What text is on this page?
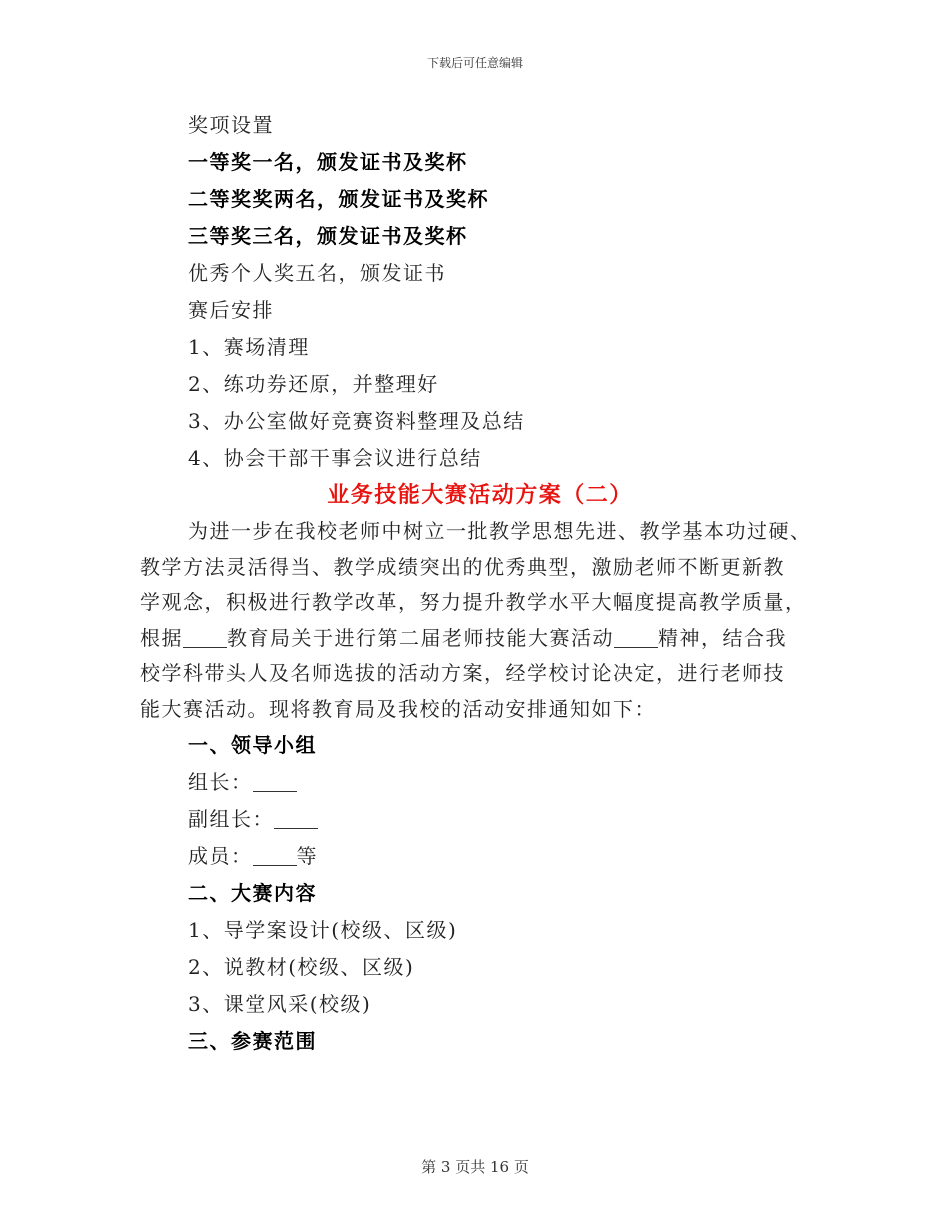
下载后可任意编辑
奖项设置
一等奖一名，颁发证书及奖杯
二等奖奖两名，颁发证书及奖杯
三等奖三名，颁发证书及奖杯
优秀个人奖五名，颁发证书
赛后安排
1、赛场清理
2、练功券还原，并整理好
3、办公室做好竞赛资料整理及总结
4、协会干部干事会议进行总结
业务技能大赛活动方案（二）
为进一步在我校老师中树立一批教学思想先进、教学基本功过硬、
教学方法灵活得当、教学成绩突出的优秀典型，激励老师不断更新教
学观念，积极进行教学改革，努力提升教学水平大幅度提高教学质量，
根据 教育局关于进行第二届老师技能大赛活动 精神，结合我
校学科带头人及名师选拔的活动方案，经学校讨论决定，进行老师技
能大赛活动。现将教育局及我校的活动安排通知如下：
一、领导小组
组长：
副组长：
成员： 等
二、大赛内容
1、导学案设计(校级、区级)
2、说教材(校级、区级)
3、课堂风采(校级)
三、参赛范围
第 3 页共 16 页
